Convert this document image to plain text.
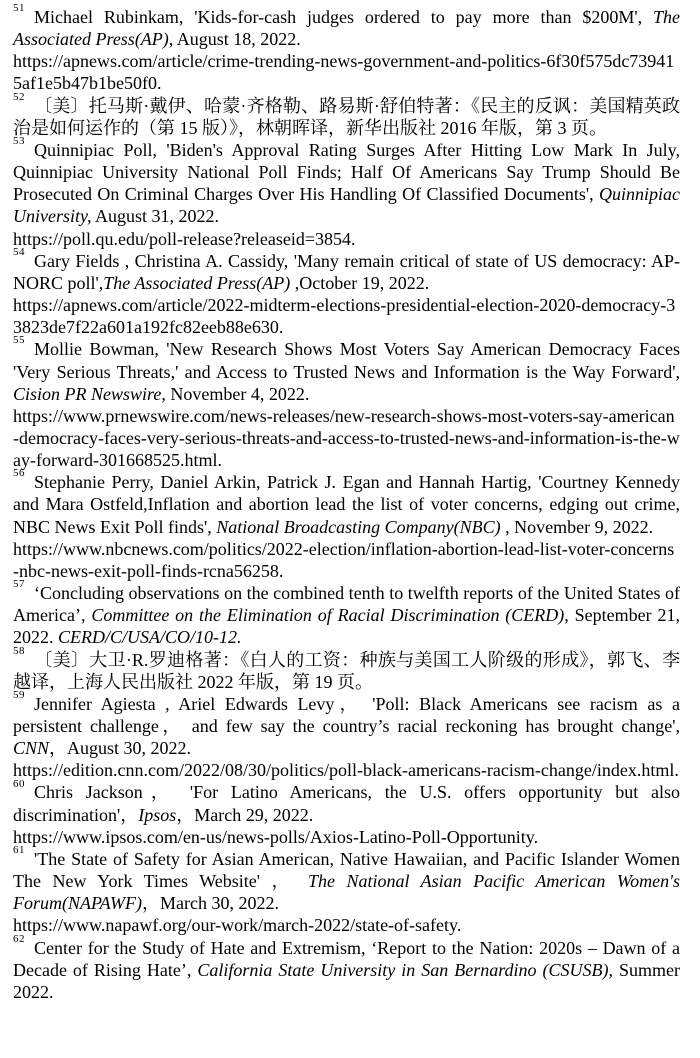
$^{51}$ Michael Rubinkam, 'Kids-for-cash judges ordered to pay more than $200M', The Associated Press(AP), August 18, 2022.
https://apnews.com/article/crime-trending-news-government-and-politics-6f30f575dc739415af1e5b47b1be50f0.

$^{52}$ 〔美〕托马斯·戴伊、哈蒙·齐格勒、路易斯·舒伯特著：《民主的反讽：美国精英政治是如何运作的（第 15 版）》，林朝晖译，新华出版社 2016 年版，第 3 页。

$^{53}$ Quinnipiac Poll, 'Biden's Approval Rating Surges After Hitting Low Mark In July, Quinnipiac University National Poll Finds; Half Of Americans Say Trump Should Be Prosecuted On Criminal Charges Over His Handling Of Classified Documents', Quinnipiac University, August 31, 2022.
https://poll.qu.edu/poll-release?releaseid=3854.

$^{54}$ Gary Fields , Christina A. Cassidy, 'Many remain critical of state of US democracy: AP-NORC poll',The Associated Press(AP) ,October 19, 2022.
https://apnews.com/article/2022-midterm-elections-presidential-election-2020-democracy-33823de7f22a601a192fc82eeb88e630.

$^{55}$ Mollie Bowman, 'New Research Shows Most Voters Say American Democracy Faces 'Very Serious Threats,' and Access to Trusted News and Information is the Way Forward', Cision PR Newswire, November 4, 2022.
https://www.prnewswire.com/news-releases/new-research-shows-most-voters-say-american-democracy-faces-very-serious-threats-and-access-to-trusted-news-and-information-is-the-way-forward-301668525.html.

$^{56}$ Stephanie Perry, Daniel Arkin, Patrick J. Egan and Hannah Hartig, 'Courtney Kennedy and Mara Ostfeld,Inflation and abortion lead the list of voter concerns, edging out crime, NBC News Exit Poll finds', National Broadcasting Company(NBC) , November 9, 2022.
https://www.nbcnews.com/politics/2022-election/inflation-abortion-lead-list-voter-concerns-nbc-news-exit-poll-finds-rcna56258.

$^{57}$ ‘Concluding observations on the combined tenth to twelfth reports of the United States of America’, Committee on the Elimination of Racial Discrimination (CERD), September 21, 2022. CERD/C/USA/CO/10-12.

$^{58}$ 〔美〕大卫·R.罗迪格著：《白人的工资：种族与美国工人阶级的形成》，郭飞、李越译，上海人民出版社 2022 年版，第 19 页。

$^{59}$ Jennifer Agiesta , Ariel Edwards Levy， 'Poll: Black Americans see racism as a persistent challenge， and few say the country’s racial reckoning has brought change', CNN，August 30, 2022.
https://edition.cnn.com/2022/08/30/politics/poll-black-americans-racism-change/index.html.

$^{60}$ Chris Jackson， 'For Latino Americans, the U.S. offers opportunity but also discrimination'，Ipsos，March 29, 2022.
https://www.ipsos.com/en-us/news-polls/Axios-Latino-Poll-Opportunity.

$^{61}$ 'The State of Safety for Asian American, Native Hawaiian, and Pacific Islander Women The New York Times Website' ， The National Asian Pacific American Women's Forum(NAPAWF)，March 30, 2022.
https://www.napawf.org/our-work/march-2022/state-of-safety.

$^{62}$ Center for the Study of Hate and Extremism, ‘Report to the Nation: 2020s – Dawn of a Decade of Rising Hate’, California State University in San Bernardino (CSUSB), Summer 2022.
